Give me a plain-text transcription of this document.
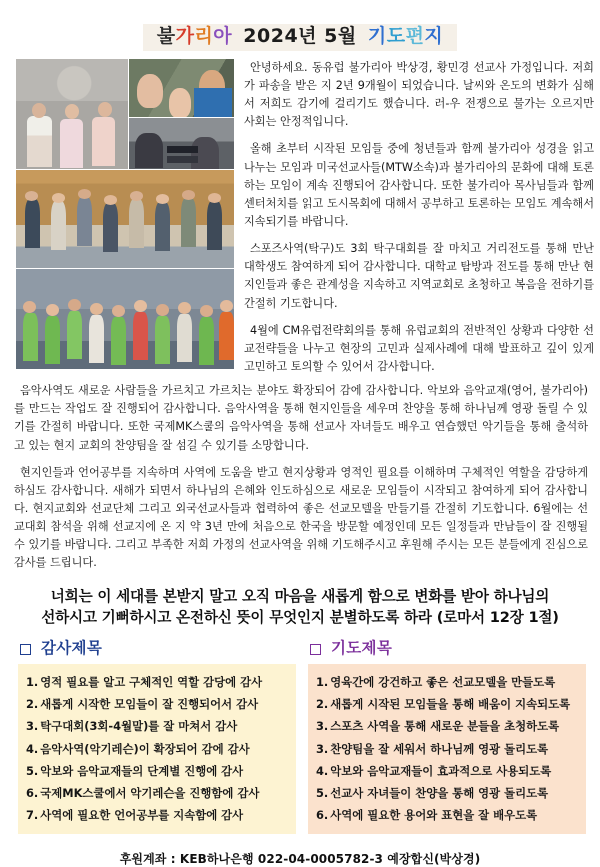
불가리아 2024년 5월 기도편지

안녕하세요. 동유럽 불가리아 박상경, 황민경 선교사 가정입니다. 저희가 파송을 받은 지 2년 9개월이 되었습니다. 날씨와 온도의 변화가 심해서 저희도 감기에 걸리기도 했습니다. 러-우 전쟁으로 물가는 오르지만 사회는 안정적입니다.

올해 초부터 시작된 모임들 중에 청년들과 함께 불가리아 성경을 읽고 나누는 모임과 미국선교사들(MTW소속)과 불가리아의 문화에 대해 토론하는 모임이 계속 진행되어 감사합니다. 또한 불가리아 목사님들과 함께 센터처치를 읽고 도시목회에 대해서 공부하고 토론하는 모임도 계속해서 지속되기를 바랍니다.

스포즈사역(탁구)도 3회 탁구대회를 잘 마치고 거리전도를 통해 만난 대학생도 참여하게 되어 감사합니다. 대학교 탐방과 전도를 통해 만난 현지인들과 좋은 관계성을 지속하고 지역교회로 초청하고 복음을 전하기를 간절히 기도합니다.

4월에 CM유럽전략회의를 통해 유럽교회의 전반적인 상황과 다양한 선교전략들을 나누고 현장의 고민과 실제사례에 대해 발표하고 깊이 있게 고민하고 토의할 수 있어서 감사합니다.

음악사역도 새로운 사람들을 가르치고 가르치는 분야도 확장되어 감에 감사합니다. 악보와 음악교재(영어, 불가리아)를 만드는 작업도 잘 진행되어 감사합니다. 음악사역을 통해 현지인들을 세우며 찬양을 통해 하나님께 영광 돌릴 수 있기를 간절히 바랍니다. 또한 국제MK스쿨의 음악사역을 통해 선교사 자녀들도 배우고 연습했던 악기들을 통해 출석하고 있는 현지 교회의 찬양팀을 잘 섬길 수 있기를 소망합니다.

현지인들과 언어공부를 지속하며 사역에 도움을 받고 현지상황과 영적인 필요를 이해하며 구체적인 역할을 감당하게 하심도 감사합니다. 새해가 되면서 하나님의 은혜와 인도하심으로 새로운 모임들이 시작되고 참여하게 되어 감사합니다. 현지교회와 선교단체 그리고 외국선교사들과 협력하여 좋은 선교모델을 만들기를 간절히 기도합니다. 6월에는 선교대회 참석을 위해 선교지에 온 지 약 3년 만에 처음으로 한국을 방문할 예정인데 모든 일정들과 만남들이 잘 진행될 수 있기를 바랍니다. 그리고 부족한 저희 가정의 선교사역을 위해 기도해주시고 후원해 주시는 모든 분들에게 진심으로 감사를 드립니다.

너희는 이 세대를 본받지 말고 오직 마음을 새롭게 함으로 변화를 받아 하나님의
선하시고 기뻐하시고 온전하신 뜻이 무엇인지 분별하도록 하라 (로마서 12장 1절)
감사제목
1. 영적 필요를 알고 구체적인 역할 감당에 감사
2. 새롭게 시작한 모임들이 잘 진행되어서 감사
3. 탁구대회(3회-4월말)를 잘 마쳐서 감사
4. 음악사역(악기레슨)이 확장되어 감에 감사
5. 악보와 음악교재들의 단계별 진행에 감사
6. 국제MK스쿨에서 악기레슨을 진행함에 감사
7. 사역에 필요한 언어공부를 지속함에 감사
기도제목
1. 영육간에 강건하고 좋은 선교모델을 만들도록
2. 새롭게 시작된 모임들을 통해 배움이 지속되도록
3. 스포츠 사역을 통해 새로운 분들을 초청하도록
3. 찬양팀을 잘 세워서 하나님께 영광 돌리도록
4. 악보와 음악교재들이 효과적으로 사용되도록
5. 선교사 자녀들이 찬양을 통해 영광 돌리도록
6. 사역에 필요한 용어와 표현을 잘 배우도록
후원계좌 : KEB하나은행 022-04-0005782-3 예장합신(박상경)
